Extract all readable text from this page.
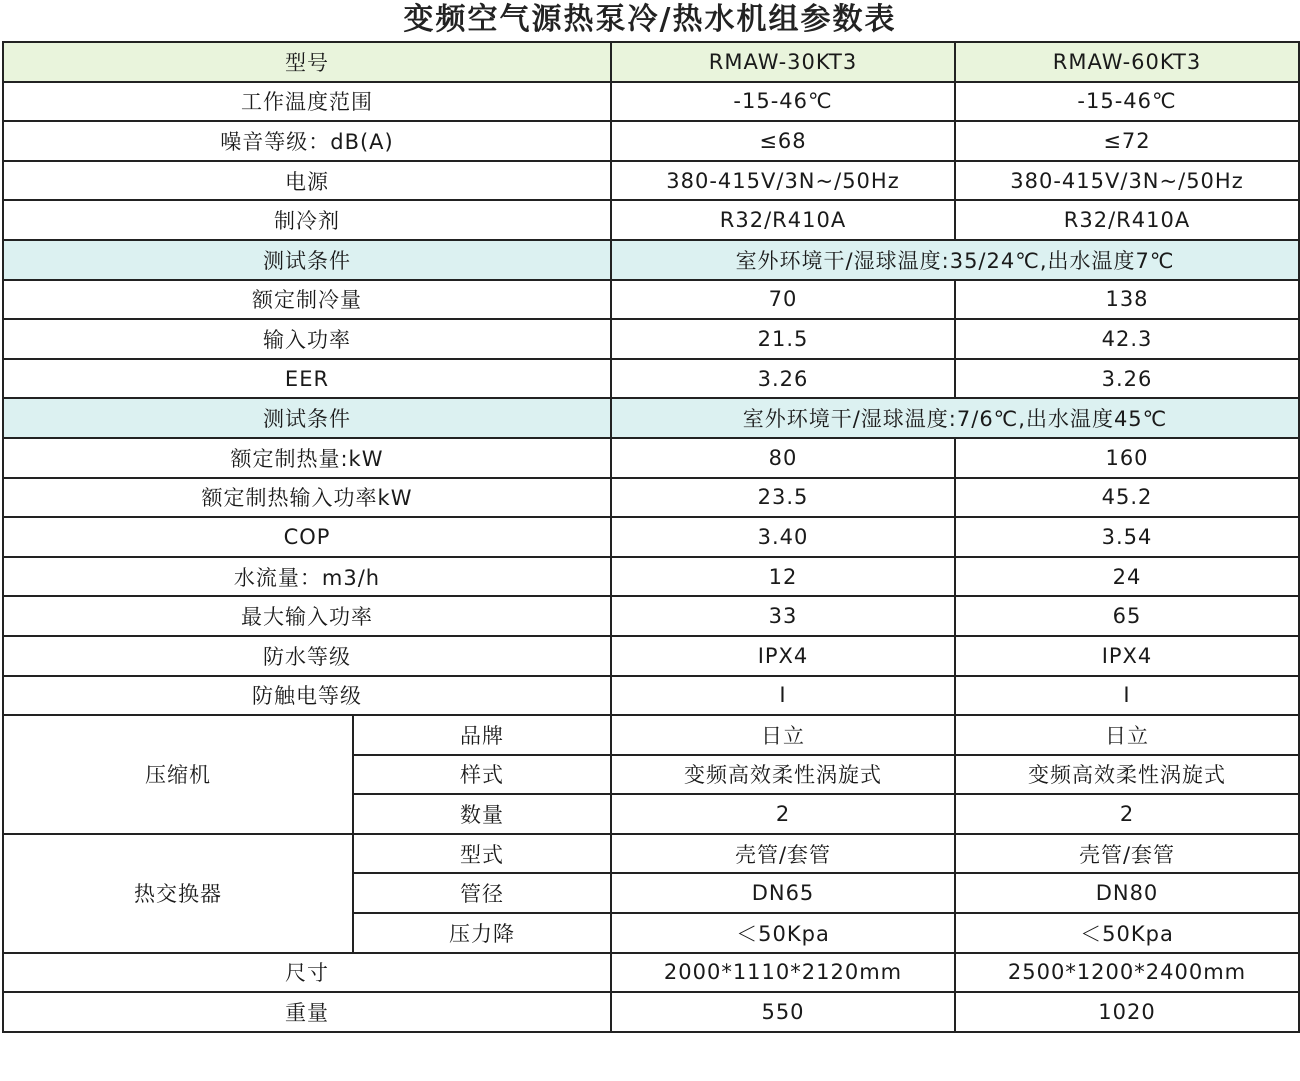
变频空气源热泵冷/热水机组参数表
型号		RMAW-30KT3	RMAW-60KT3
工作温度范围		-15-46℃	-15-46℃
噪音等级：dB(A)		≤68	≤72
电源		380-415V/3N~/50Hz	380-415V/3N~/50Hz
制冷剂		R32/R410A	R32/R410A
测试条件		室外环境干/湿球温度:35/24℃,出水温度7℃	
额定制冷量		70	138
输入功率		21.5	42.3
EER		3.26	3.26
测试条件		室外环境干/湿球温度:7/6℃,出水温度45℃	
额定制热量:kW		80	160
额定制热输入功率kW		23.5	45.2
COP		3.40	3.54
水流量：m3/h		12	24
最大输入功率		33	65
防水等级		IPX4	IPX4
防触电等级		Ⅰ	Ⅰ
压缩机	品牌	日立	日立
	样式	变频高效柔性涡旋式	变频高效柔性涡旋式
	数量	2	2
热交换器	型式	壳管/套管	壳管/套管
	管径	DN65	DN80
	压力降	＜50Kpa	＜50Kpa
尺寸		2000*1110*2120mm	2500*1200*2400mm
重量		550	1020
